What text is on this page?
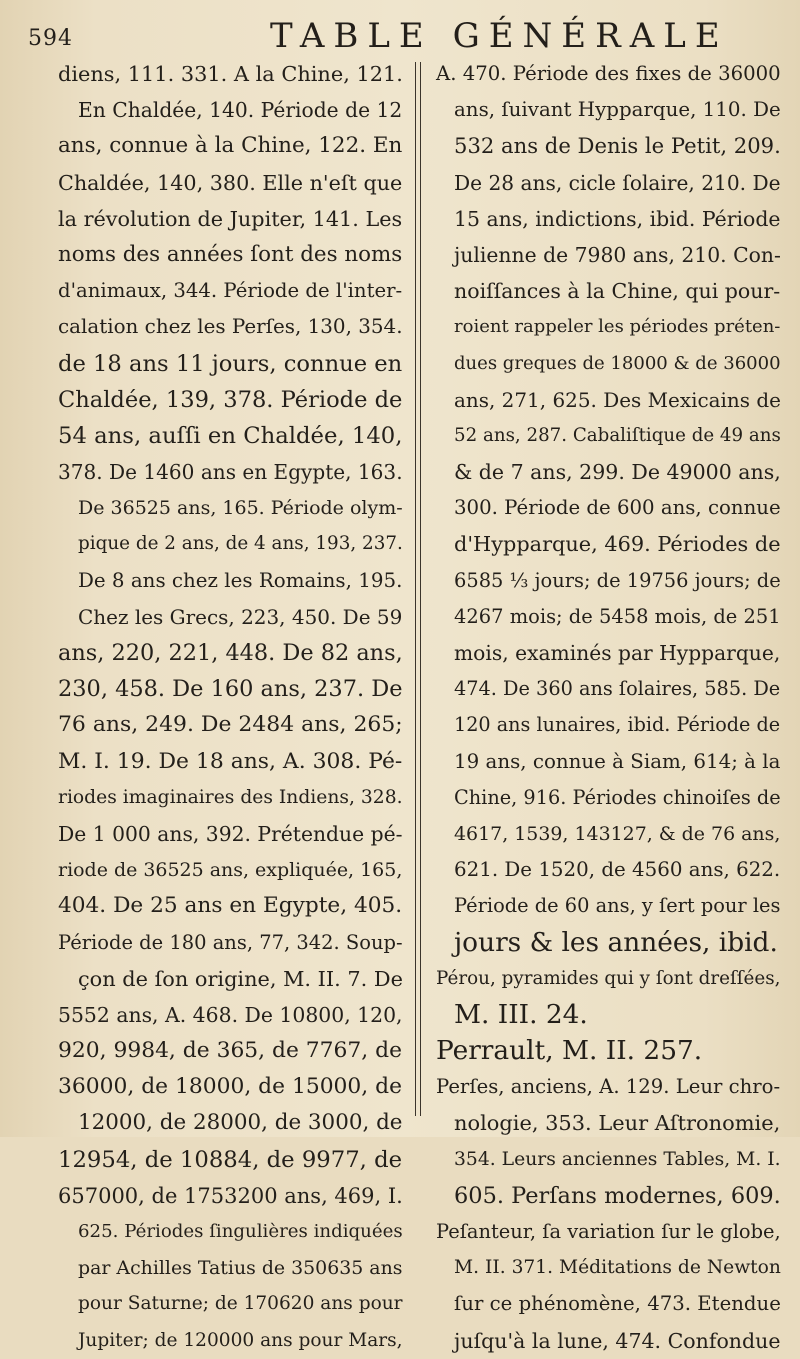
594	TABLE GÉNÉRALE
diens, 111. 331. A la Chine, 121.
En Chaldée, 140. Période de 12
ans, connue à la Chine, 122. En
Chaldée, 140, 380. Elle n'eſt que
la révolution de Jupiter, 141. Les
noms des années ſont des noms
d'animaux, 344. Période de l'inter-
calation chez les Perſes, 130, 354.
de 18 ans 11 jours, connue en
Chaldée, 139, 378. Période de
54 ans, auſſi en Chaldée, 140,
378. De 1460 ans en Egypte, 163.
De 36525 ans, 165. Période olym-
pique de 2 ans, de 4 ans, 193, 237.
De 8 ans chez les Romains, 195.
Chez les Grecs, 223, 450. De 59
ans, 220, 221, 448. De 82 ans,
230, 458. De 160 ans, 237. De
76 ans, 249. De 2484 ans, 265;
M. I. 19. De 18 ans, A. 308. Pé-
riodes imaginaires des Indiens, 328.
De 1 000 ans, 392. Prétendue pé-
riode de 36525 ans, expliquée, 165,
404. De 25 ans en Egypte, 405.
Période de 180 ans, 77, 342. Soup-
çon de ſon origine, M. II. 7. De
5552 ans, A. 468. De 10800, 120,
920, 9984, de 365, de 7767, de
36000, de 18000, de 15000, de
12000, de 28000, de 3000, de
12954, de 10884, de 9977, de
657000, de 1753200 ans, 469, I.
625. Périodes ſingulières indiquées
par Achilles Tatius de 350635 ans
pour Saturne; de 170620 ans pour
Jupiter; de 120000 ans pour Mars,
A. 470. Période des fixes de 36000
ans, ſuivant Hypparque, 110. De
532 ans de Denis le Petit, 209.
De 28 ans, cicle ſolaire, 210. De
15 ans, indictions, ibid. Période
julienne de 7980 ans, 210. Con-
noiſſances à la Chine, qui pour-
roient rappeler les périodes préten-
dues greques de 18000 & de 36000
ans, 271, 625. Des Mexicains de
52 ans, 287. Cabaliſtique de 49 ans
& de 7 ans, 299. De 49000 ans,
300. Période de 600 ans, connue
d'Hypparque, 469. Périodes de
6585 ⅓ jours; de 19756 jours; de
4267 mois; de 5458 mois, de 251
mois, examinés par Hypparque,
474. De 360 ans ſolaires, 585. De
120 ans lunaires, ibid. Période de
19 ans, connue à Siam, 614; à la
Chine, 916. Périodes chinoiſes de
4617, 1539, 143127, & de 76 ans,
621. De 1520, de 4560 ans, 622.
Période de 60 ans, y ſert pour les
jours & les années, ibid.
Pérou, pyramides qui y ſont dreſſées,
M. III. 24.
Perrault, M. II. 257.
Perſes, anciens, A. 129. Leur chro-
nologie, 353. Leur Aſtronomie,
354. Leurs anciennes Tables, M. I.
605. Perſans modernes, 609.
Peſanteur, ſa variation ſur le globe,
M. II. 371. Méditations de Newton
ſur ce phénomène, 473. Etendue
juſqu'à la lune, 474. Confondue
